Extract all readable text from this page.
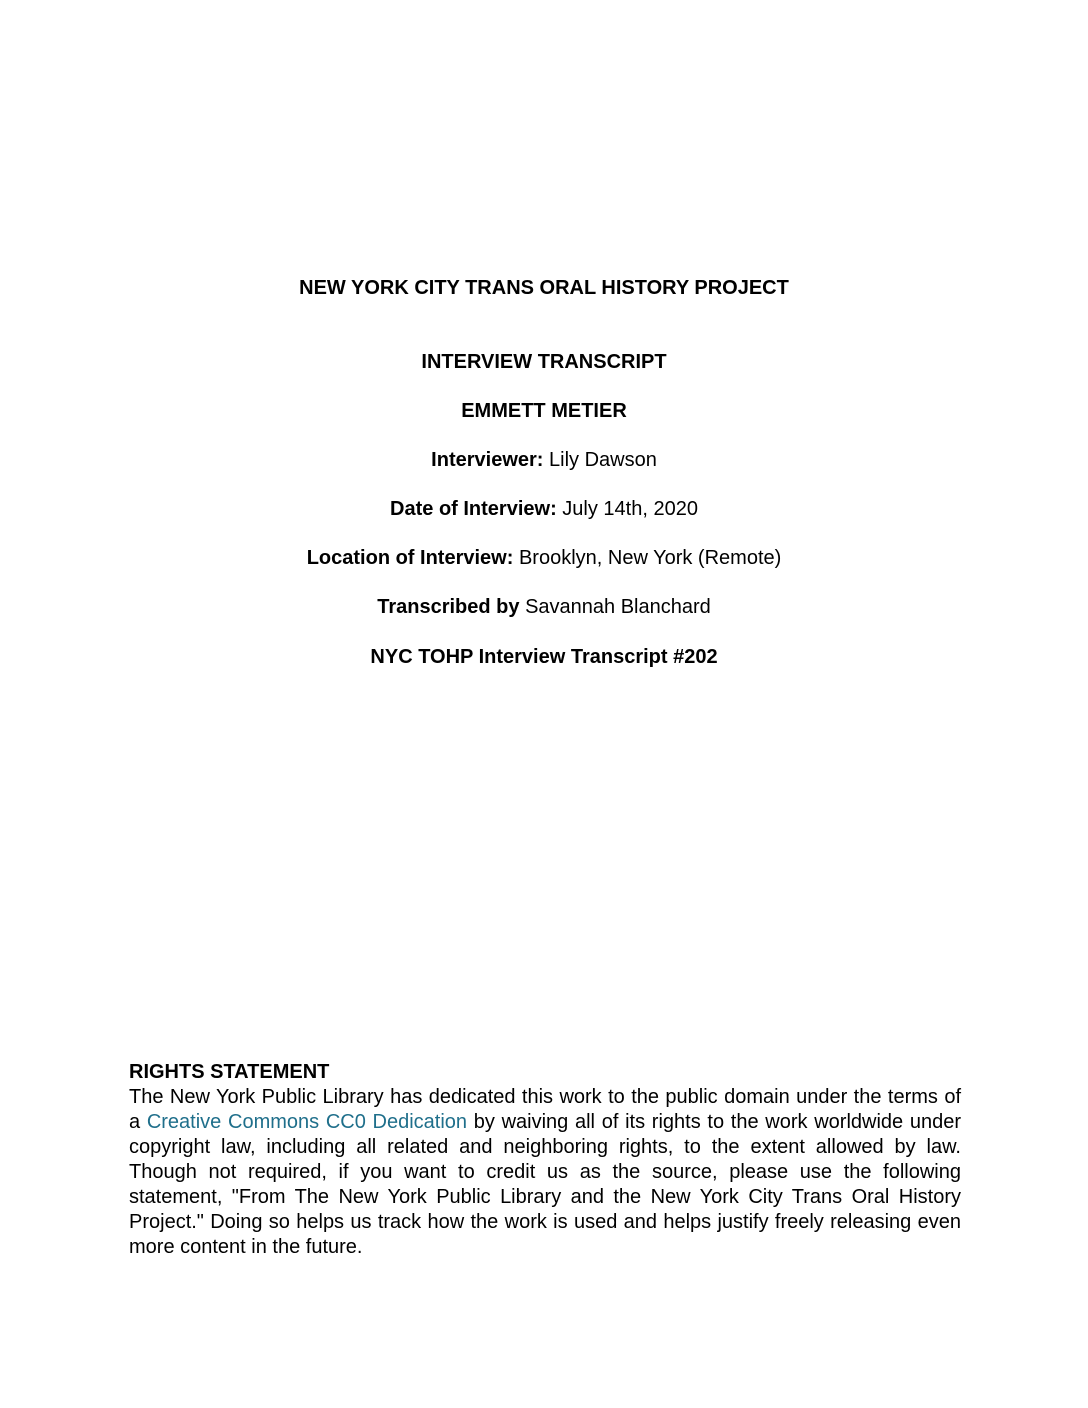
NEW YORK CITY TRANS ORAL HISTORY PROJECT
INTERVIEW TRANSCRIPT
EMMETT METIER
Interviewer: Lily Dawson
Date of Interview: July 14th, 2020
Location of Interview: Brooklyn, New York (Remote)
Transcribed by Savannah Blanchard
NYC TOHP Interview Transcript #202
RIGHTS STATEMENT
The New York Public Library has dedicated this work to the public domain under the terms of a Creative Commons CC0 Dedication by waiving all of its rights to the work worldwide under copyright law, including all related and neighboring rights, to the extent allowed by law. Though not required, if you want to credit us as the source, please use the following statement, "From The New York Public Library and the New York City Trans Oral History Project." Doing so helps us track how the work is used and helps justify freely releasing even more content in the future.
